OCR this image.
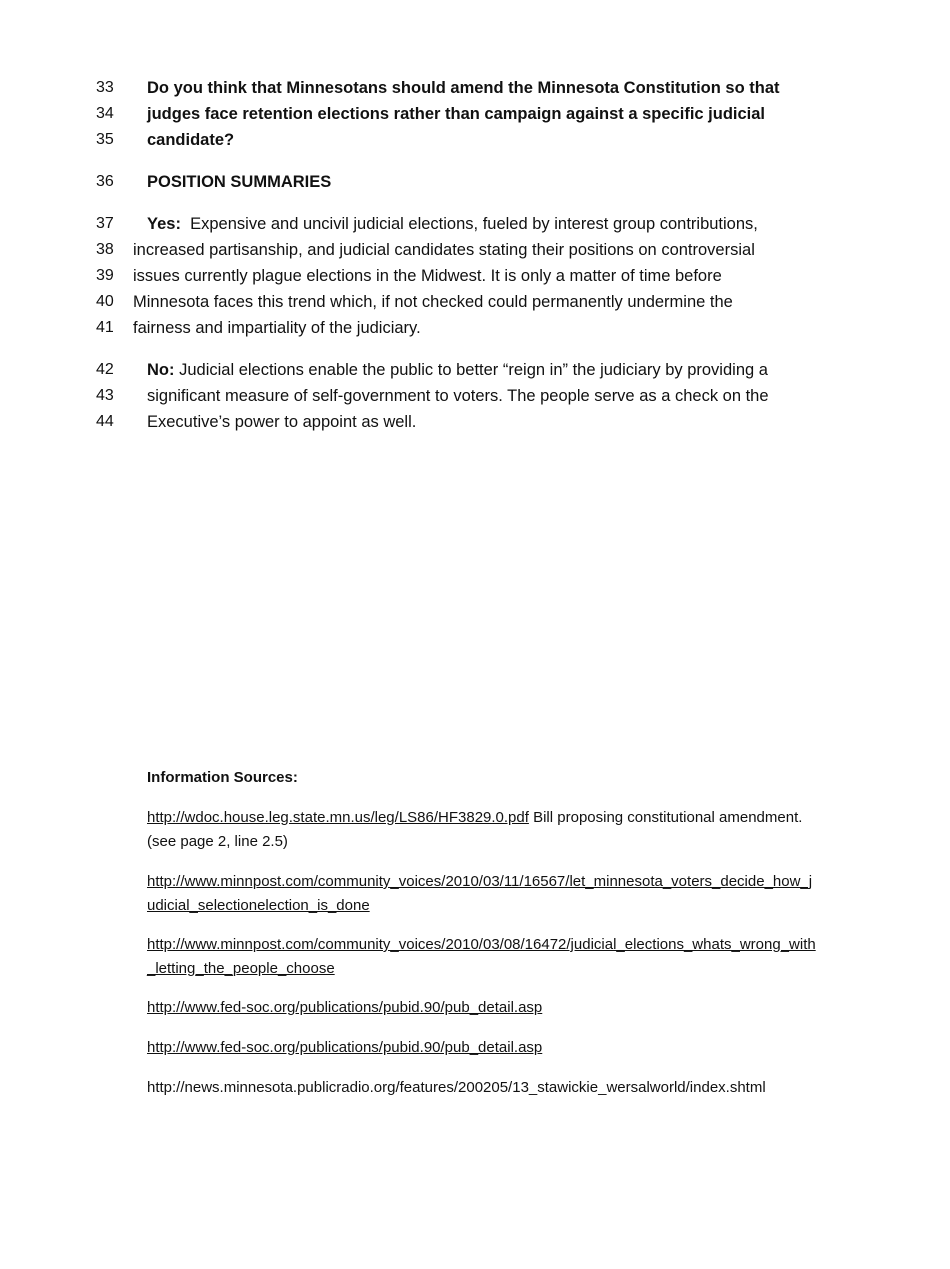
33	Do you think that Minnesotans should amend the Minnesota Constitution so that
34	judges face retention elections rather than campaign against a specific judicial
35	candidate?
36	POSITION SUMMARIES
37	Yes: Expensive and uncivil judicial elections, fueled by interest group contributions,
38	increased partisanship, and judicial candidates stating their positions on controversial
39	issues currently plague elections in the Midwest. It is only a matter of time before
40	Minnesota faces this trend which, if not checked could permanently undermine the
41	fairness and impartiality of the judiciary.
42	No: Judicial elections enable the public to better “reign in” the judiciary by providing a
43	significant measure of self-government to voters. The people serve as a check on the
44	Executive’s power to appoint as well.
Information Sources:
http://wdoc.house.leg.state.mn.us/leg/LS86/HF3829.0.pdf Bill proposing constitutional amendment. (see page 2, line 2.5)
http://www.minnpost.com/community_voices/2010/03/11/16567/let_minnesota_voters_decide_how_judicial_selectionelection_is_done
http://www.minnpost.com/community_voices/2010/03/08/16472/judicial_elections_whats_wrong_with_letting_the_people_choose
http://www.fed-soc.org/publications/pubid.90/pub_detail.asp
http://www.fed-soc.org/publications/pubid.90/pub_detail.asp
http://news.minnesota.publicradio.org/features/200205/13_stawickie_wersalworld/index.shtml
